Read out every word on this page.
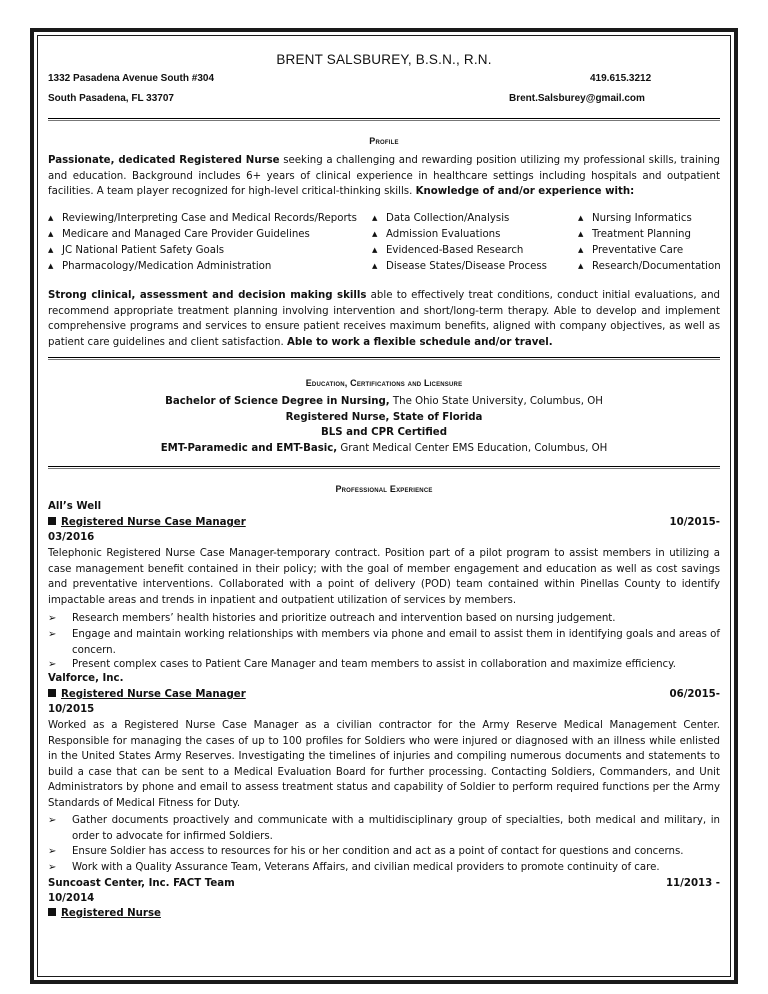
BRENT SALSBUREY, B.S.N., R.N.
1332 Pasadena Avenue South #304	419.615.3212
South Pasadena, FL 33707	Brent.Salsburey@gmail.com
Profile
Passionate, dedicated Registered Nurse seeking a challenging and rewarding position utilizing my professional skills, training and education. Background includes 6+ years of clinical experience in healthcare settings including hospitals and outpatient facilities. A team player recognized for high-level critical-thinking skills. Knowledge of and/or experience with:
▲ Reviewing/Interpreting Case and Medical Records/Reports
▲ Medicare and Managed Care Provider Guidelines
▲ JC National Patient Safety Goals
▲ Pharmacology/Medication Administration
▲ Data Collection/Analysis
▲ Admission Evaluations
▲ Evidenced-Based Research
▲ Disease States/Disease Process
▲ Nursing Informatics
▲ Treatment Planning
▲ Preventative Care
▲ Research/Documentation
Strong clinical, assessment and decision making skills able to effectively treat conditions, conduct initial evaluations, and recommend appropriate treatment planning involving intervention and short/long-term therapy. Able to develop and implement comprehensive programs and services to ensure patient receives maximum benefits, aligned with company objectives, as well as patient care guidelines and client satisfaction. Able to work a flexible schedule and/or travel.
Education, Certifications and Licensure
Bachelor of Science Degree in Nursing, The Ohio State University, Columbus, OH
Registered Nurse, State of Florida
BLS and CPR Certified
EMT-Paramedic and EMT-Basic, Grant Medical Center EMS Education, Columbus, OH
Professional Experience
All’s Well
Registered Nurse Case Manager	10/2015-
03/2016
Telephonic Registered Nurse Case Manager-temporary contract. Position part of a pilot program to assist members in utilizing a case management benefit contained in their policy; with the goal of member engagement and education as well as cost savings and preventative interventions. Collaborated with a point of delivery (POD) team contained within Pinellas County to identify impactable areas and trends in inpatient and outpatient utilization of services by members.
➢ Research members’ health histories and prioritize outreach and intervention based on nursing judgement.
➢ Engage and maintain working relationships with members via phone and email to assist them in identifying goals and areas of concern.
➢ Present complex cases to Patient Care Manager and team members to assist in collaboration and maximize efficiency.
Valforce, Inc.
Registered Nurse Case Manager	06/2015-
10/2015
Worked as a Registered Nurse Case Manager as a civilian contractor for the Army Reserve Medical Management Center. Responsible for managing the cases of up to 100 profiles for Soldiers who were injured or diagnosed with an illness while enlisted in the United States Army Reserves. Investigating the timelines of injuries and compiling numerous documents and statements to build a case that can be sent to a Medical Evaluation Board for further processing. Contacting Soldiers, Commanders, and Unit Administrators by phone and email to assess treatment status and capability of Soldier to perform required functions per the Army Standards of Medical Fitness for Duty.
➢ Gather documents proactively and communicate with a multidisciplinary group of specialties, both medical and military, in order to advocate for infirmed Soldiers.
➢ Ensure Soldier has access to resources for his or her condition and act as a point of contact for questions and concerns.
➢ Work with a Quality Assurance Team, Veterans Affairs, and civilian medical providers to promote continuity of care.
Suncoast Center, Inc. FACT Team	11/2013 -
10/2014
Registered Nurse
